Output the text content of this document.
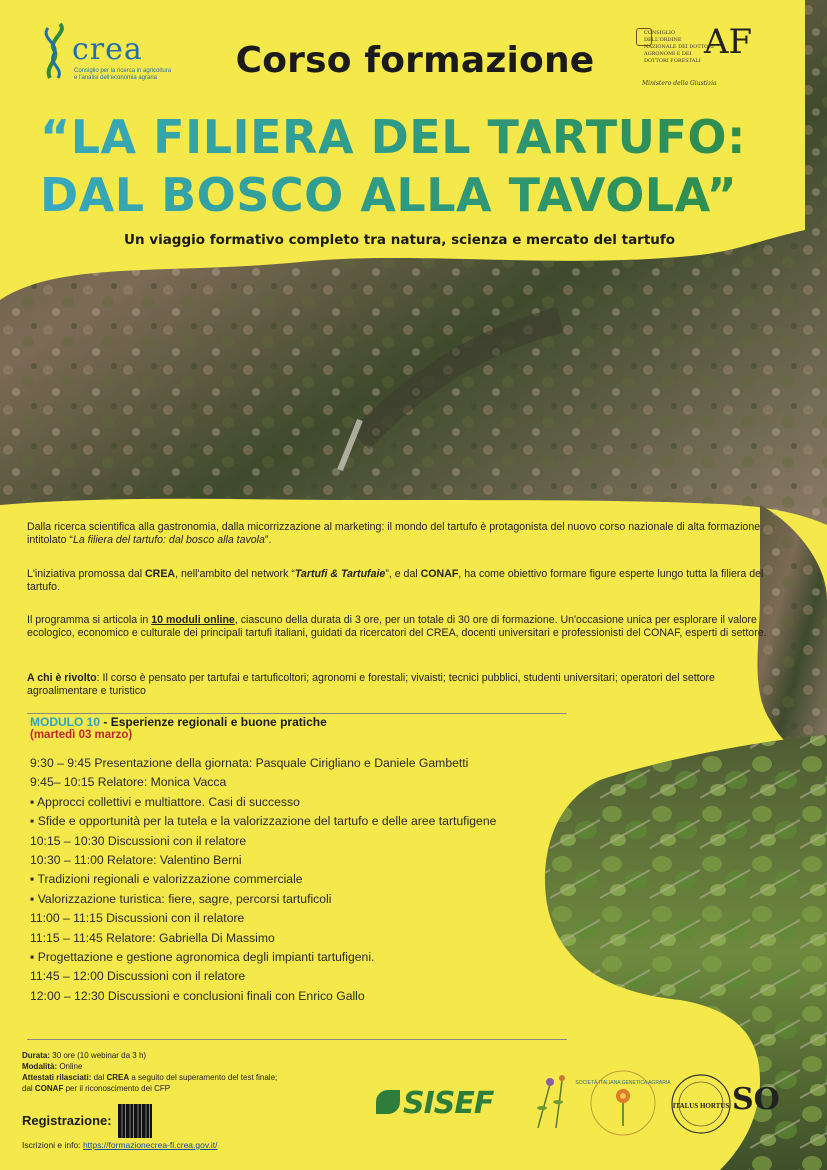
crea
Consiglio per la ricerca in agricoltura e l'analisi dell'economia agraria
CONSIGLIO DELL'ORDINE NAZIONALE DEI DOTTORI AGRONOMI E DEI DOTTORI FORESTALI AF
Ministero della Giustizia
Corso formazione
“LA FILIERA DEL TARTUFO:
DAL BOSCO ALLA TAVOLA”
Un viaggio formativo completo tra natura, scienza e mercato del tartufo
Dalla ricerca scientifica alla gastronomia, dalla micorrizzazione al marketing: il mondo del tartufo è protagonista del nuovo corso nazionale di alta formazione intitolato “La filiera del tartufo: dal bosco alla tavola”.
L'iniziativa promossa dal CREA, nell'ambito del network “Tartufi & Tartufaie”, e dal CONAF, ha come obiettivo formare figure esperte lungo tutta la filiera del tartufo.
Il programma si articola in 10 moduli online, ciascuno della durata di 3 ore, per un totale di 30 ore di formazione. Un'occasione unica per esplorare il valore ecologico, economico e culturale dei principali tartufi italiani, guidati da ricercatori del CREA, docenti universitari e professionisti del CONAF, esperti di settore.
A chi è rivolto: Il corso è pensato per tartufai e tartuficoltori; agronomi e forestali; vivaisti; tecnici pubblici, studenti universitari; operatori del settore agroalimentare e turistico
MODULO 10 - Esperienze regionali e buone pratiche
(martedì 03 marzo)
9:30 – 9:45 Presentazione della giornata: Pasquale Cirigliano e Daniele Gambetti
9:45– 10:15 Relatore: Monica Vacca
▪ Approcci collettivi e multiattore. Casi di successo
▪ Sfide e opportunità per la tutela e la valorizzazione del tartufo e delle aree tartufigene
10:15 – 10:30 Discussioni con il relatore
10:30 – 11:00 Relatore: Valentino Berni
▪ Tradizioni regionali e valorizzazione commerciale
▪ Valorizzazione turistica: fiere, sagre, percorsi tartuficoli
11:00 – 11:15 Discussioni con il relatore
11:15 – 11:45 Relatore: Gabriella Di Massimo
▪ Progettazione e gestione agronomica degli impianti tartufigeni.
11:45 – 12:00 Discussioni con il relatore
12:00 – 12:30 Discussioni e conclusioni finali con Enrico Gallo
Durata: 30 ore (10 webinar da 3 h)
Modalità: Online
Attestati rilasciati: dal CREA a seguito del superamento del test finale;
dal CONAF per il riconoscimento dei CFP
Registrazione:
Iscrizioni e info: https://formazionecrea-fl.crea.gov.it/
SISEF
SOCIETÀ ITALIANA GENETICA AGRARIA
ITALUS HORTUS SO
